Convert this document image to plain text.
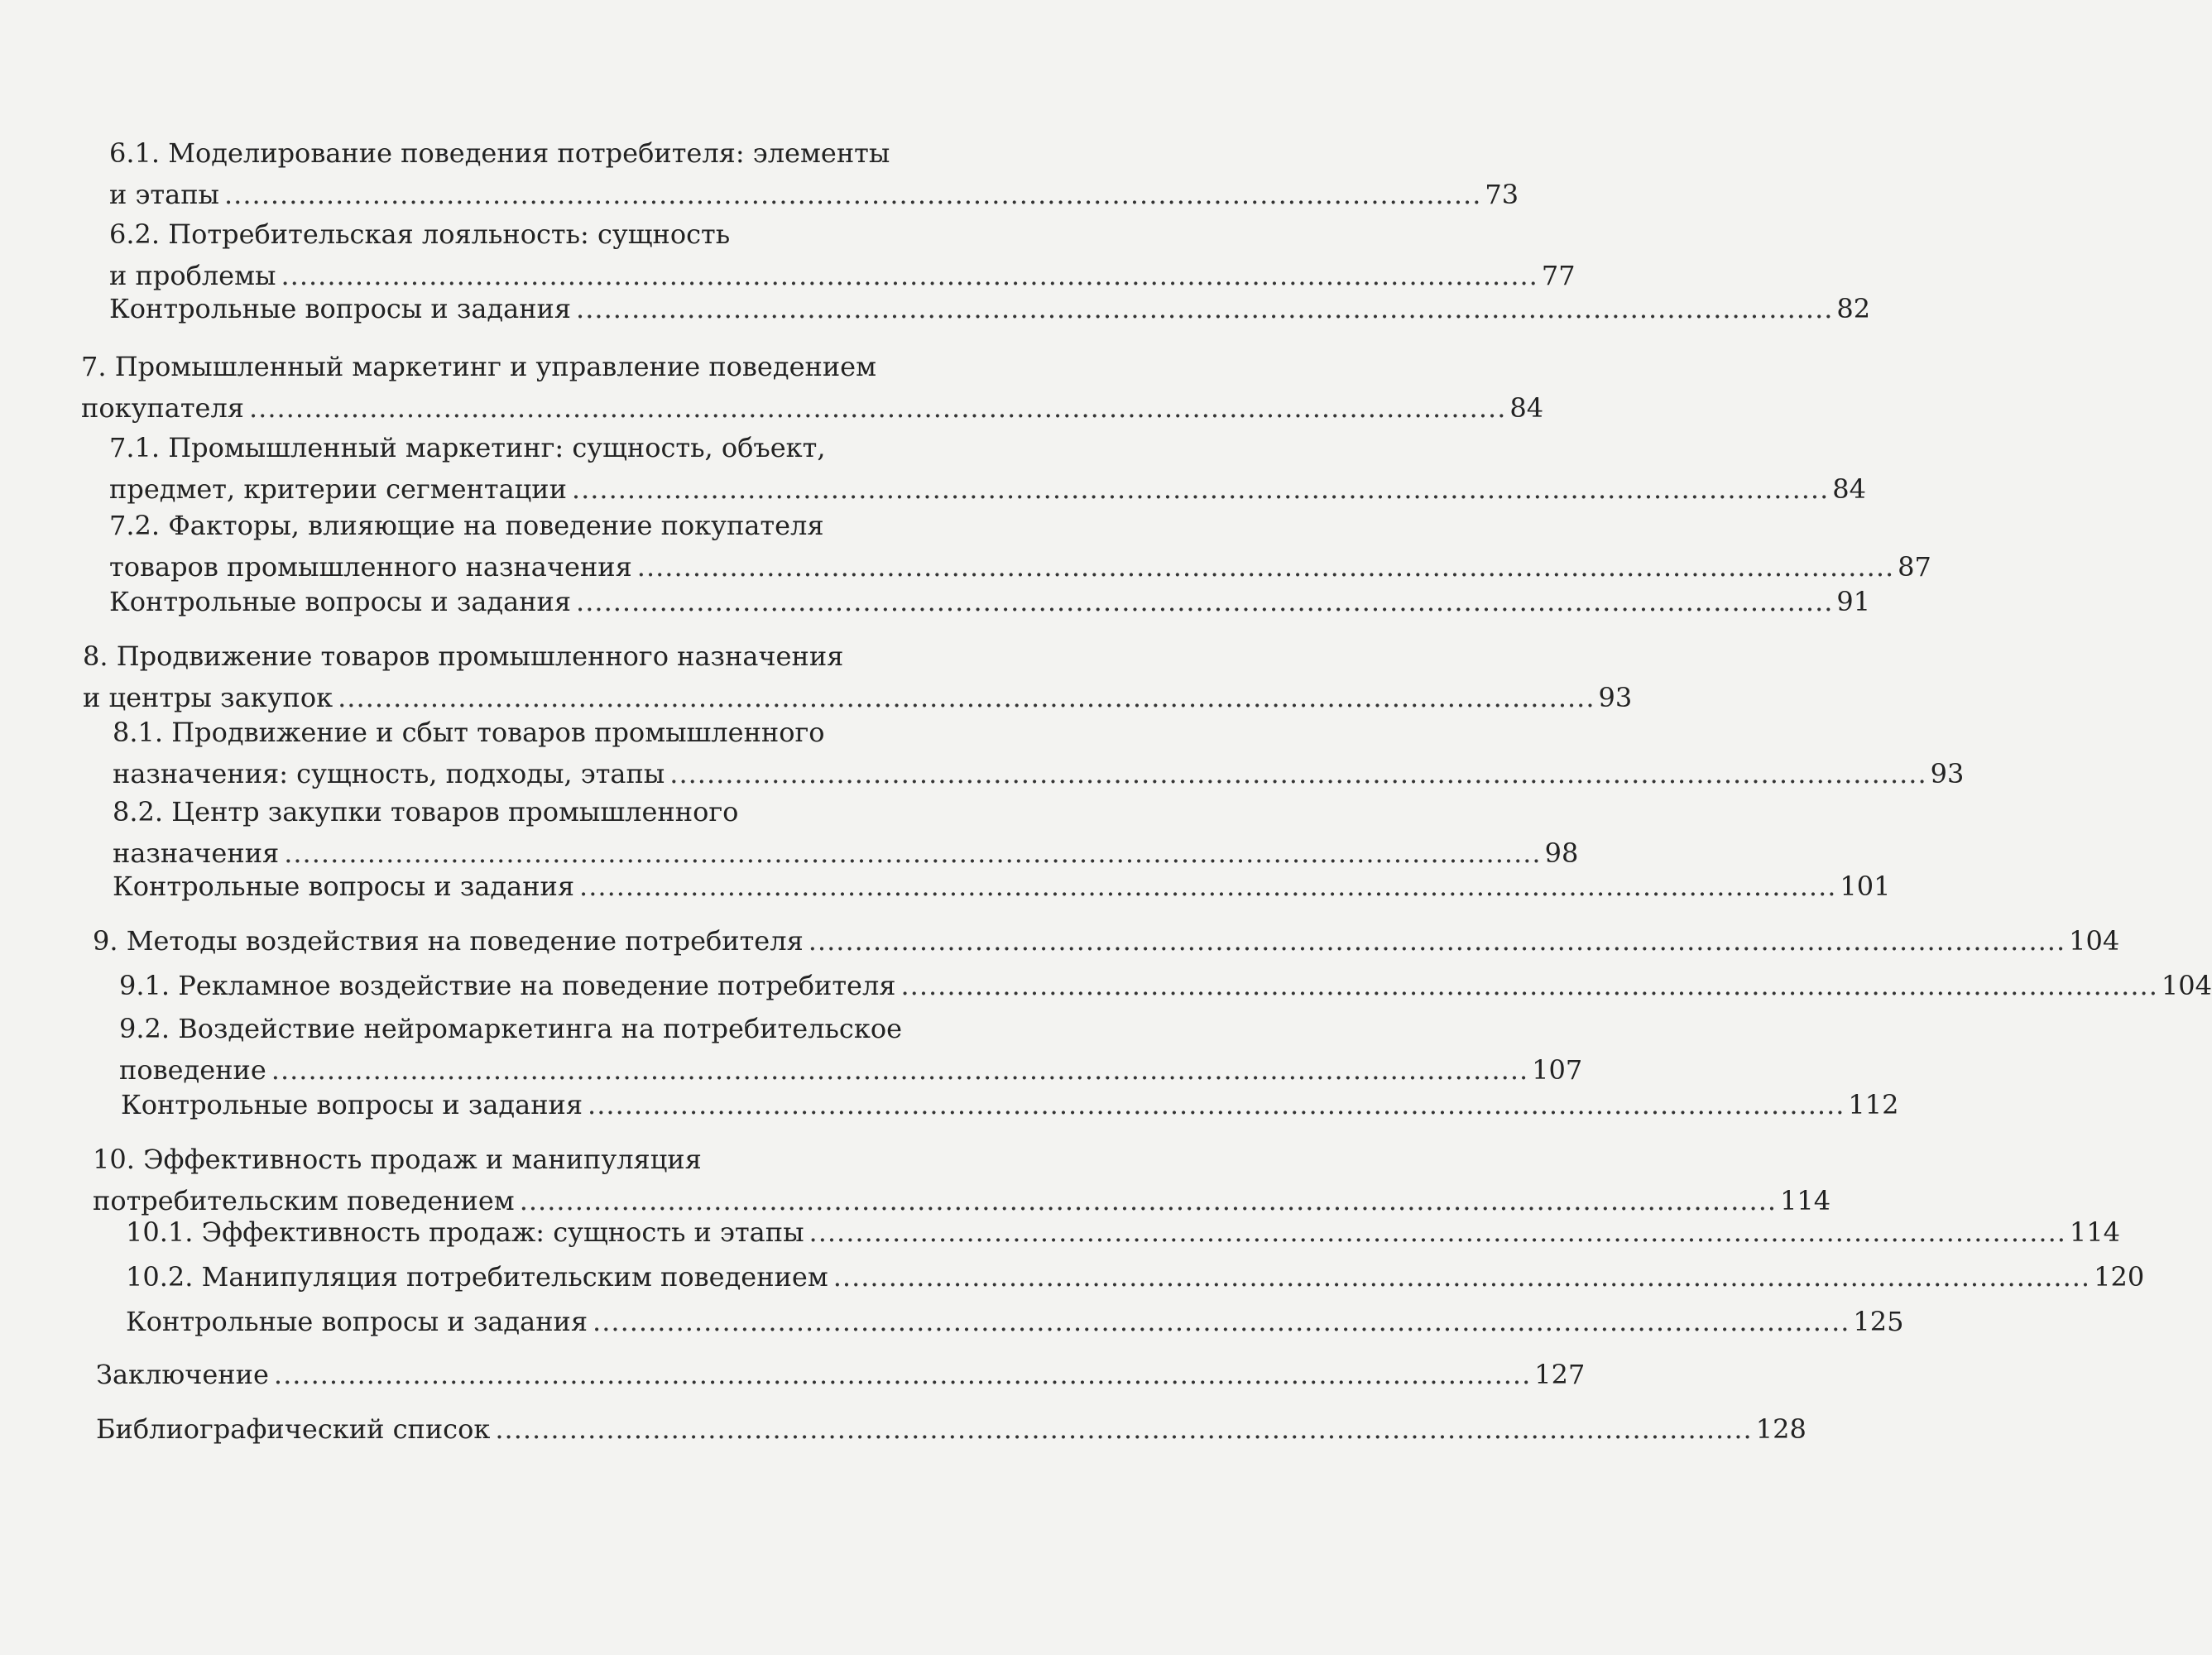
6.1. Моделирование поведения потребителя: элементы
и этапы ........................................................................................................................................ 73
6.2. Потребительская лояльность: сущность
и проблемы ........................................................................................................................................ 77
Контрольные вопросы и задания ........................................................................................................................................ 82
7. Промышленный маркетинг и управление поведением
покупателя ........................................................................................................................................ 84
7.1. Промышленный маркетинг: сущность, объект,
предмет, критерии сегментации ........................................................................................................................................ 84
7.2. Факторы, влияющие на поведение покупателя
товаров промышленного назначения ........................................................................................................................................ 87
Контрольные вопросы и задания ........................................................................................................................................ 91
8. Продвижение товаров промышленного назначения
и центры закупок ........................................................................................................................................ 93
8.1. Продвижение и сбыт товаров промышленного
назначения: сущность, подходы, этапы ........................................................................................................................................ 93
8.2. Центр закупки товаров промышленного
назначения ........................................................................................................................................ 98
Контрольные вопросы и задания ........................................................................................................................................ 101
9. Методы воздействия на поведение потребителя ........................................................................................................................................ 104
9.1. Рекламное воздействие на поведение потребителя ........................................................................................................................................ 104
9.2. Воздействие нейромаркетинга на потребительское
поведение ........................................................................................................................................ 107
Контрольные вопросы и задания ........................................................................................................................................ 112
10. Эффективность продаж и манипуляция
потребительским поведением ........................................................................................................................................ 114
10.1. Эффективность продаж: сущность и этапы ........................................................................................................................................ 114
10.2. Манипуляция потребительским поведением ........................................................................................................................................ 120
Контрольные вопросы и задания ........................................................................................................................................ 125
Заключение ........................................................................................................................................ 127
Библиографический список ........................................................................................................................................ 128
